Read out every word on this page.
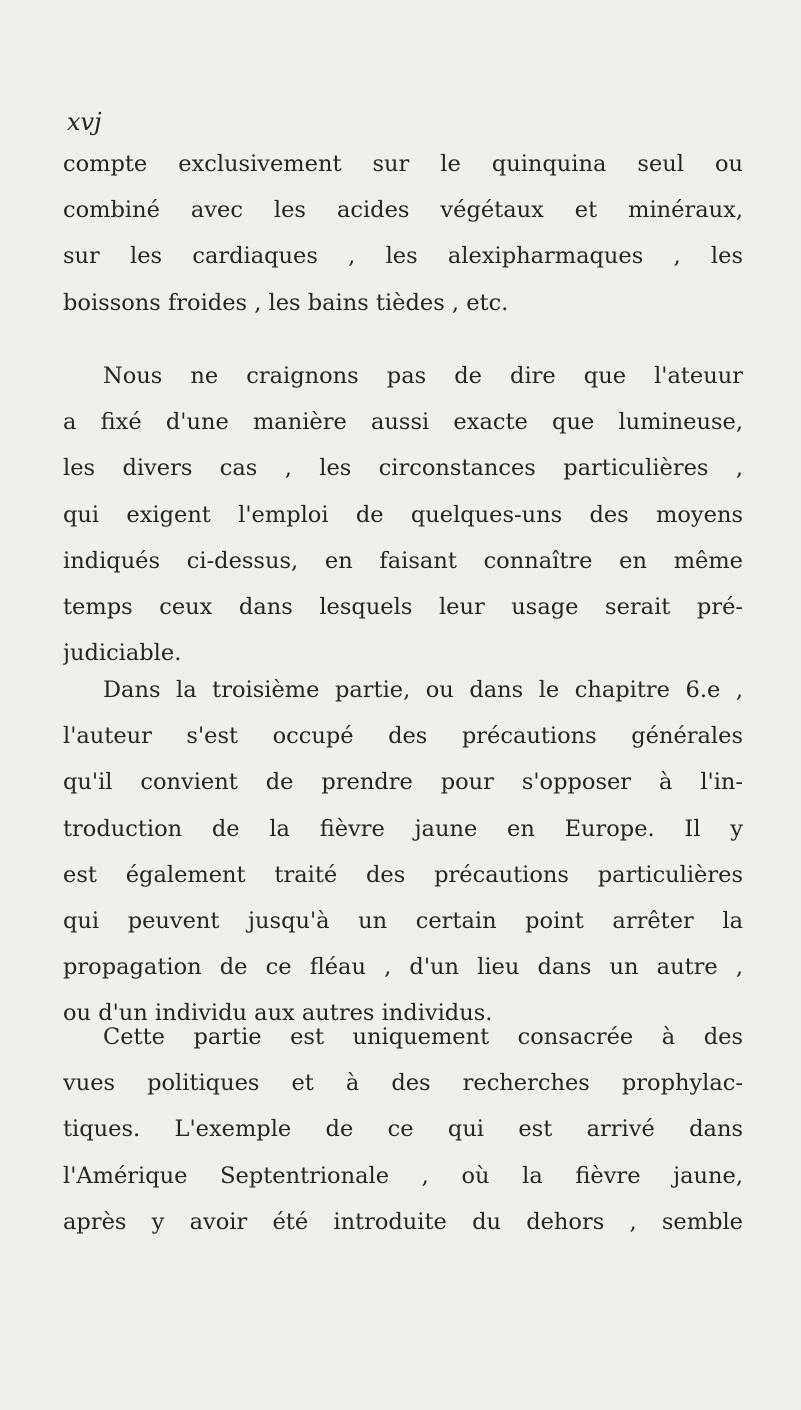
xvj
compte exclusivement sur le quinquina seul ou
combiné avec les acides végétaux et minéraux,
sur les cardiaques , les alexipharmaques , les
boissons froides , les bains tièdes , etc.
Nous ne craignons pas de dire que l'ateuur
a fixé d'une manière aussi exacte que lumineuse,
les divers cas , les circonstances particulières ,
qui exigent l'emploi de quelques-uns des moyens
indiqués ci-dessus, en faisant connaître en même
temps ceux dans lesquels leur usage serait pré-
judiciable.
Dans la troisième partie, ou dans le chapitre 6.e ,
l'auteur s'est occupé des précautions générales
qu'il convient de prendre pour s'opposer à l'in-
troduction de la fièvre jaune en Europe. Il y
est également traité des précautions particulières
qui peuvent jusqu'à un certain point arrêter la
propagation de ce fléau , d'un lieu dans un autre ,
ou d'un individu aux autres individus.
Cette partie est uniquement consacrée à des
vues politiques et à des recherches prophylac-
tiques. L'exemple de ce qui est arrivé dans
l'Amérique Septentrionale , où la fièvre jaune,
après y avoir été introduite du dehors , semble
